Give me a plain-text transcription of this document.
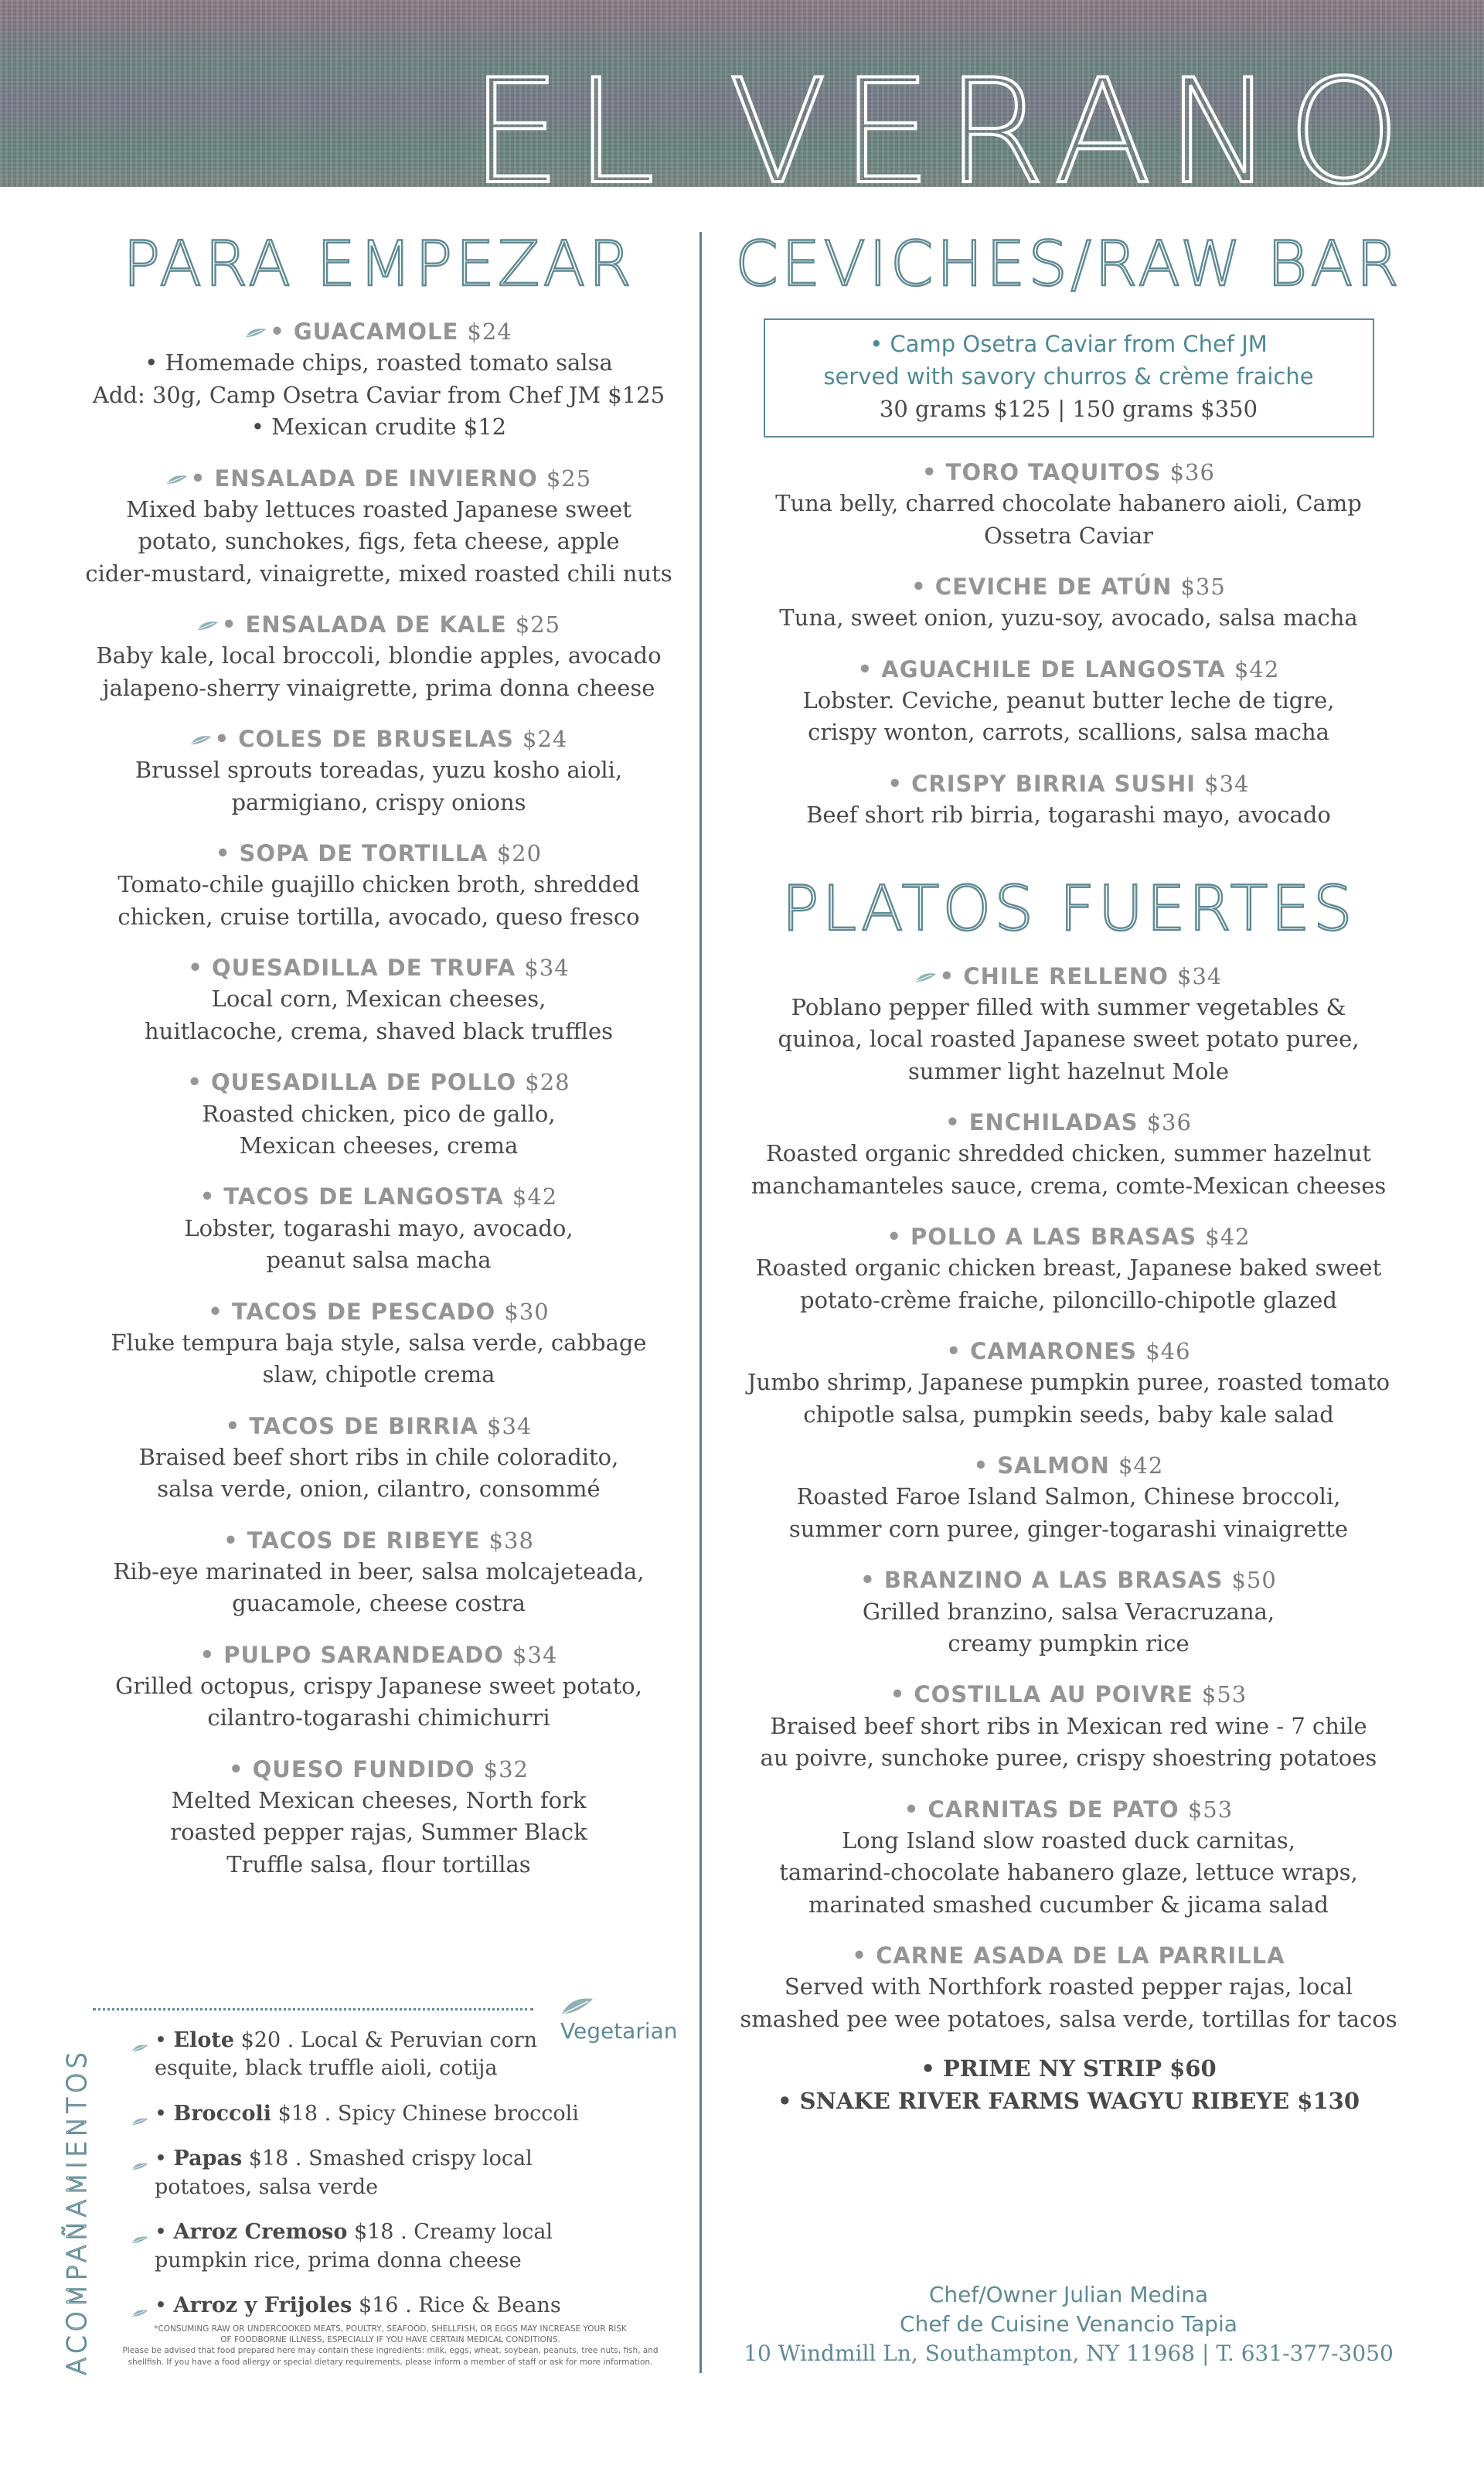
EL VERANO
PARA EMPEZAR
• GUACAMOLE $24
• Homemade chips, roasted tomato salsa
Add: 30g, Camp Osetra Caviar from Chef JM $125
• Mexican crudite $12
• ENSALADA DE INVIERNO $25
Mixed baby lettuces roasted Japanese sweet
potato, sunchokes, figs, feta cheese, apple
cider-mustard, vinaigrette, mixed roasted chili nuts
• ENSALADA DE KALE $25
Baby kale, local broccoli, blondie apples, avocado
jalapeno-sherry vinaigrette, prima donna cheese
• COLES DE BRUSELAS $24
Brussel sprouts toreadas, yuzu kosho aioli,
parmigiano, crispy onions
• SOPA DE TORTILLA $20
Tomato-chile guajillo chicken broth, shredded
chicken, cruise tortilla, avocado, queso fresco
• QUESADILLA DE TRUFA $34
Local corn, Mexican cheeses,
huitlacoche, crema, shaved black truffles
• QUESADILLA DE POLLO $28
Roasted chicken, pico de gallo,
Mexican cheeses, crema
• TACOS DE LANGOSTA $42
Lobster, togarashi mayo, avocado,
peanut salsa macha
• TACOS DE PESCADO $30
Fluke tempura baja style, salsa verde, cabbage
slaw, chipotle crema
• TACOS DE BIRRIA $34
Braised beef short ribs in chile coloradito,
salsa verde, onion, cilantro, consommé
• TACOS DE RIBEYE $38
Rib-eye marinated in beer, salsa molcajeteada,
guacamole, cheese costra
• PULPO SARANDEADO $34
Grilled octopus, crispy Japanese sweet potato,
cilantro-togarashi chimichurri
• QUESO FUNDIDO $32
Melted Mexican cheeses, North fork
roasted pepper rajas, Summer Black
Truffle salsa, flour tortillas
CEVICHES/RAW BAR
• Camp Osetra Caviar from Chef JM
served with savory churros & crème fraiche
30 grams $125 | 150 grams $350
• TORO TAQUITOS $36
Tuna belly, charred chocolate habanero aioli, Camp
Ossetra Caviar
• CEVICHE DE ATÚN $35
Tuna, sweet onion, yuzu-soy, avocado, salsa macha
• AGUACHILE DE LANGOSTA $42
Lobster. Ceviche, peanut butter leche de tigre,
crispy wonton, carrots, scallions, salsa macha
• CRISPY BIRRIA SUSHI $34
Beef short rib birria, togarashi mayo, avocado
PLATOS FUERTES
• CHILE RELLENO $34
Poblano pepper filled with summer vegetables &
quinoa, local roasted Japanese sweet potato puree,
summer light hazelnut Mole
• ENCHILADAS $36
Roasted organic shredded chicken, summer hazelnut
manchamanteles sauce, crema, comte-Mexican cheeses
• POLLO A LAS BRASAS $42
Roasted organic chicken breast, Japanese baked sweet
potato-crème fraiche, piloncillo-chipotle glazed
• CAMARONES $46
Jumbo shrimp, Japanese pumpkin puree, roasted tomato
chipotle salsa, pumpkin seeds, baby kale salad
• SALMON $42
Roasted Faroe Island Salmon, Chinese broccoli,
summer corn puree, ginger-togarashi vinaigrette
• BRANZINO A LAS BRASAS $50
Grilled branzino, salsa Veracruzana,
creamy pumpkin rice
• COSTILLA AU POIVRE $53
Braised beef short ribs in Mexican red wine - 7 chile
au poivre, sunchoke puree, crispy shoestring potatoes
• CARNITAS DE PATO $53
Long Island slow roasted duck carnitas,
tamarind-chocolate habanero glaze, lettuce wraps,
marinated smashed cucumber & jicama salad
• CARNE ASADA DE LA PARRILLA
Served with Northfork roasted pepper rajas, local
smashed pee wee potatoes, salsa verde, tortillas for tacos
• PRIME NY STRIP $60
• SNAKE RIVER FARMS WAGYU RIBEYE $130
ACOMPAÑAMIENTOS
Vegetarian
• Elote $20 . Local & Peruvian corn
esquite, black truffle aioli, cotija
• Broccoli $18 . Spicy Chinese broccoli
• Papas $18 . Smashed crispy local
potatoes, salsa verde
• Arroz Cremoso $18 . Creamy local
pumpkin rice, prima donna cheese
• Arroz y Frijoles $16 . Rice & Beans
*CONSUMING RAW OR UNDERCOOKED MEATS, POULTRY, SEAFOOD, SHELLFISH, OR EGGS MAY INCREASE YOUR RISK
OF FOODBORNE ILLNESS, ESPECIALLY IF YOU HAVE CERTAIN MEDICAL CONDITIONS.
Please be advised that food prepared here may contain these ingredients: milk, eggs, wheat, soybean, peanuts, tree nuts, fish, and
shellfish. If you have a food allergy or special dietary requirements, please inform a member of staff or ask for more information.
Chef/Owner Julian Medina
Chef de Cuisine Venancio Tapia
10 Windmill Ln, Southampton, NY 11968 | T. 631-377-3050
